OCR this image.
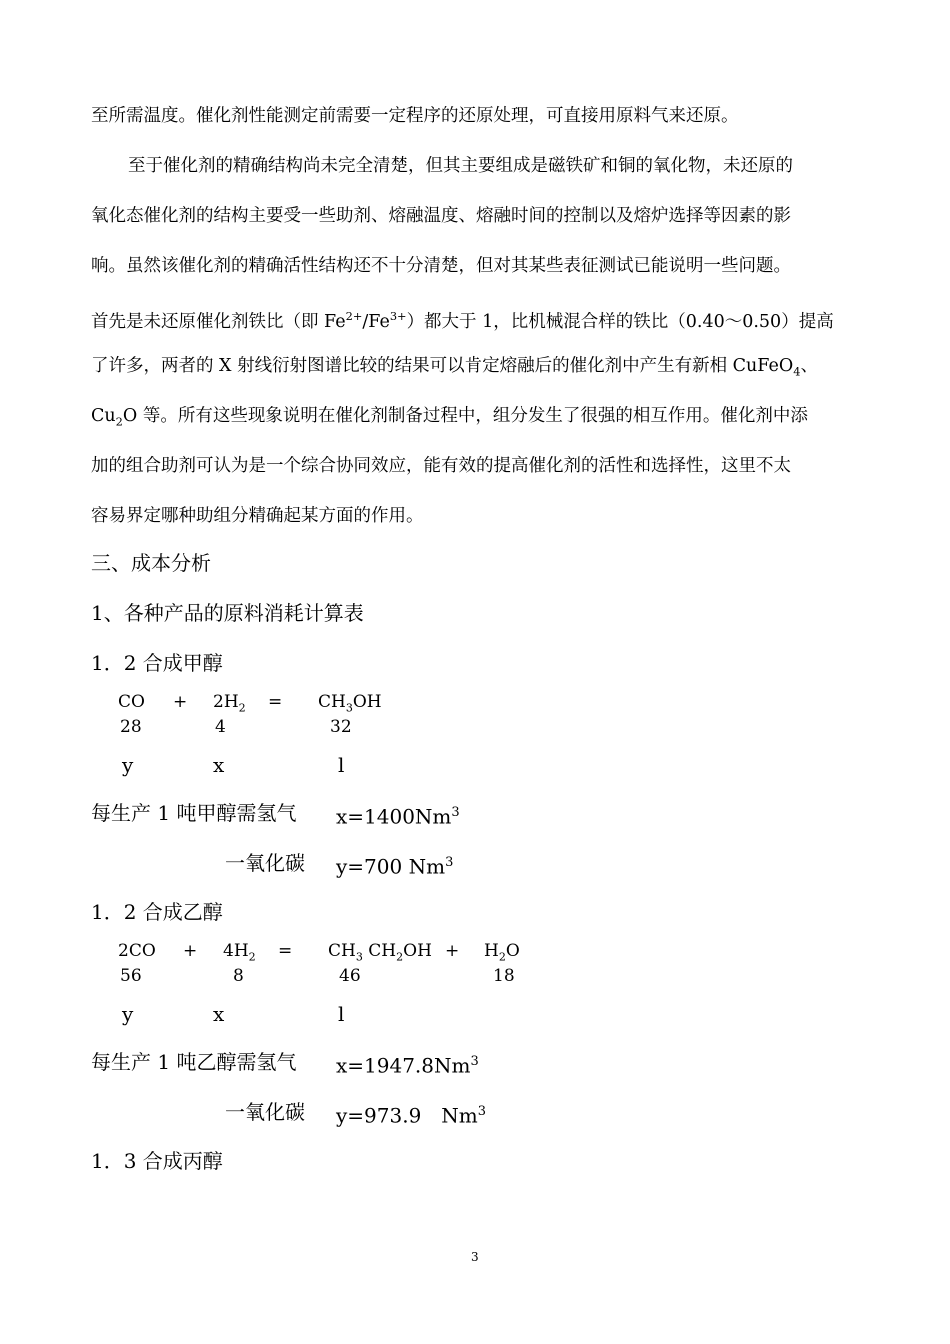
至所需温度。催化剂性能测定前需要一定程序的还原处理，可直接用原料气来还原。
至于催化剂的精确结构尚未完全清楚，但其主要组成是磁铁矿和铜的氧化物，未还原的
氧化态催化剂的结构主要受一些助剂、熔融温度、熔融时间的控制以及熔炉选择等因素的影
响。虽然该催化剂的精确活性结构还不十分清楚，但对其某些表征测试已能说明一些问题。
首先是未还原催化剂铁比（即 $Fe^{2+}/Fe^{3+}$）都大于 1，比机械混合样的铁比（0.40～0.50）提高
了许多，两者的 X 射线衍射图谱比较的结果可以肯定熔融后的催化剂中产生有新相 CuFeO$_4$、
$Cu_2O$ 等。所有这些现象说明在催化剂制备过程中，组分发生了很强的相互作用。催化剂中添
加的组合助剂可认为是一个综合协同效应，能有效的提高催化剂的活性和选择性，这里不太
容易界定哪种助组分精确起某方面的作用。
三、成本分析
1、各种产品的原料消耗计算表
1．2 合成甲醇
CO + $2H_2 = CH_3OH$
28	4	32
y	x	l
每生产 1 吨甲醇需氢气 $x=1400Nm^3$
一氧化碳 y=700 Nm$^3$
1．2 合成乙醇
$2CO + 4H_2 = CH_3$ $CH_2OH + H_2O$
56	8	46	18
y	x	l
每生产 1 吨乙醇需氢气 $x=1947.8Nm^3$
一氧化碳 y=973.9　Nm$^3$
1．3 合成丙醇
3
